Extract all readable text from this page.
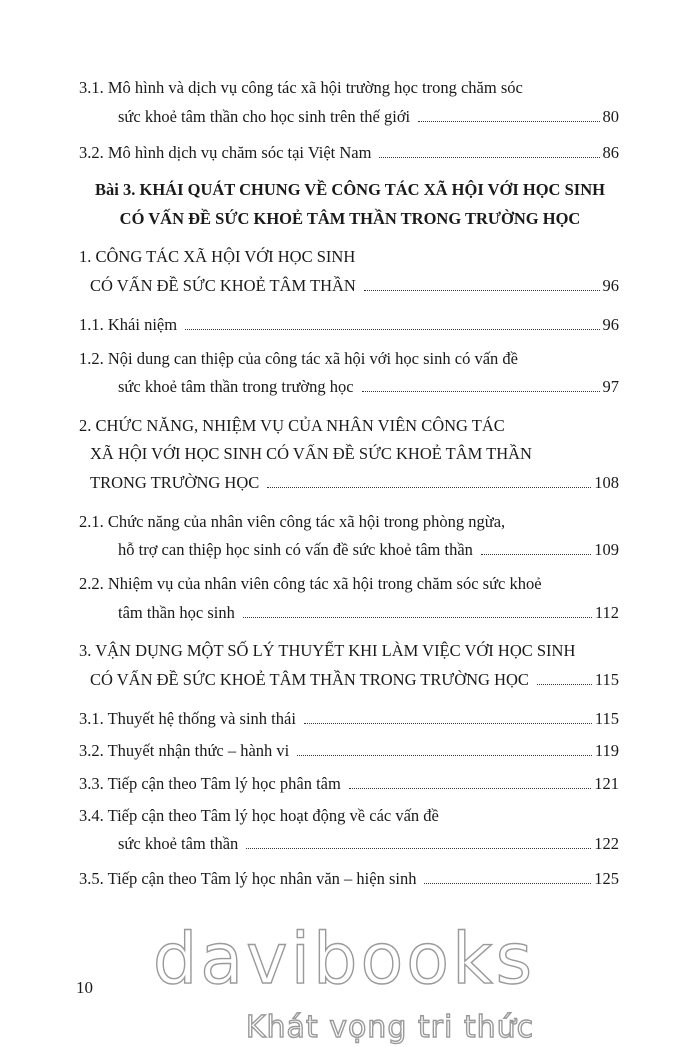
3.1. Mô hình và dịch vụ công tác xã hội trường học trong chăm sóc
sức khoẻ tâm thần cho học sinh trên thế giới	80
3.2. Mô hình dịch vụ chăm sóc tại Việt Nam	86
Bài 3. KHÁI QUÁT CHUNG VỀ CÔNG TÁC XÃ HỘI VỚI HỌC SINH
CÓ VẤN ĐỀ SỨC KHOẺ TÂM THẦN TRONG TRƯỜNG HỌC
1. CÔNG TÁC XÃ HỘI VỚI HỌC SINH
CÓ VẤN ĐỀ SỨC KHOẺ TÂM THẦN	96
1.1. Khái niệm	96
1.2. Nội dung can thiệp của công tác xã hội với học sinh có vấn đề
sức khoẻ tâm thần trong trường học	97
2. CHỨC NĂNG, NHIỆM VỤ CỦA NHÂN VIÊN CÔNG TÁC
XÃ HỘI VỚI HỌC SINH CÓ VẤN ĐỀ SỨC KHOẺ TÂM THẦN
TRONG TRƯỜNG HỌC	108
2.1. Chức năng của nhân viên công tác xã hội trong phòng ngừa,
hỗ trợ can thiệp học sinh có vấn đề sức khoẻ tâm thần	109
2.2. Nhiệm vụ của nhân viên công tác xã hội trong chăm sóc sức khoẻ
tâm thần học sinh	112
3. VẬN DỤNG MỘT SỐ LÝ THUYẾT KHI LÀM VIỆC VỚI HỌC SINH
CÓ VẤN ĐỀ SỨC KHOẺ TÂM THẦN TRONG TRƯỜNG HỌC	115
3.1. Thuyết hệ thống và sinh thái	115
3.2. Thuyết nhận thức – hành vi	119
3.3. Tiếp cận theo Tâm lý học phân tâm	121
3.4. Tiếp cận theo Tâm lý học hoạt động về các vấn đề
sức khoẻ tâm thần	122
3.5. Tiếp cận theo Tâm lý học nhân văn – hiện sinh	125
davibooks
Khát vọng tri thức
10
